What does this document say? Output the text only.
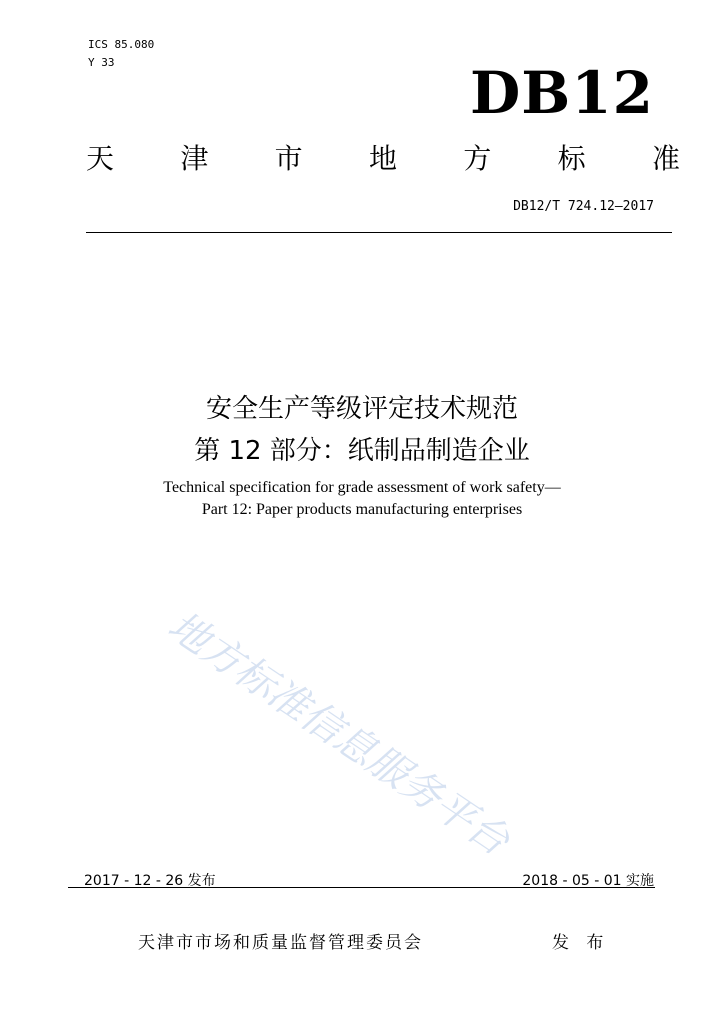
ICS 85.080
Y 33	DB12
天 津 市 地 方 标 准
DB12/T 724.12—2017
安全生产等级评定技术规范
第 12 部分：纸制品制造企业
Technical specification for grade assessment of work safety—
Part 12: Paper products manufacturing enterprises
地方标准信息服务平台
2017 - 12 - 26 发布	2018 - 05 - 01 实施
天津市市场和质量监督管理委员会	发 布
